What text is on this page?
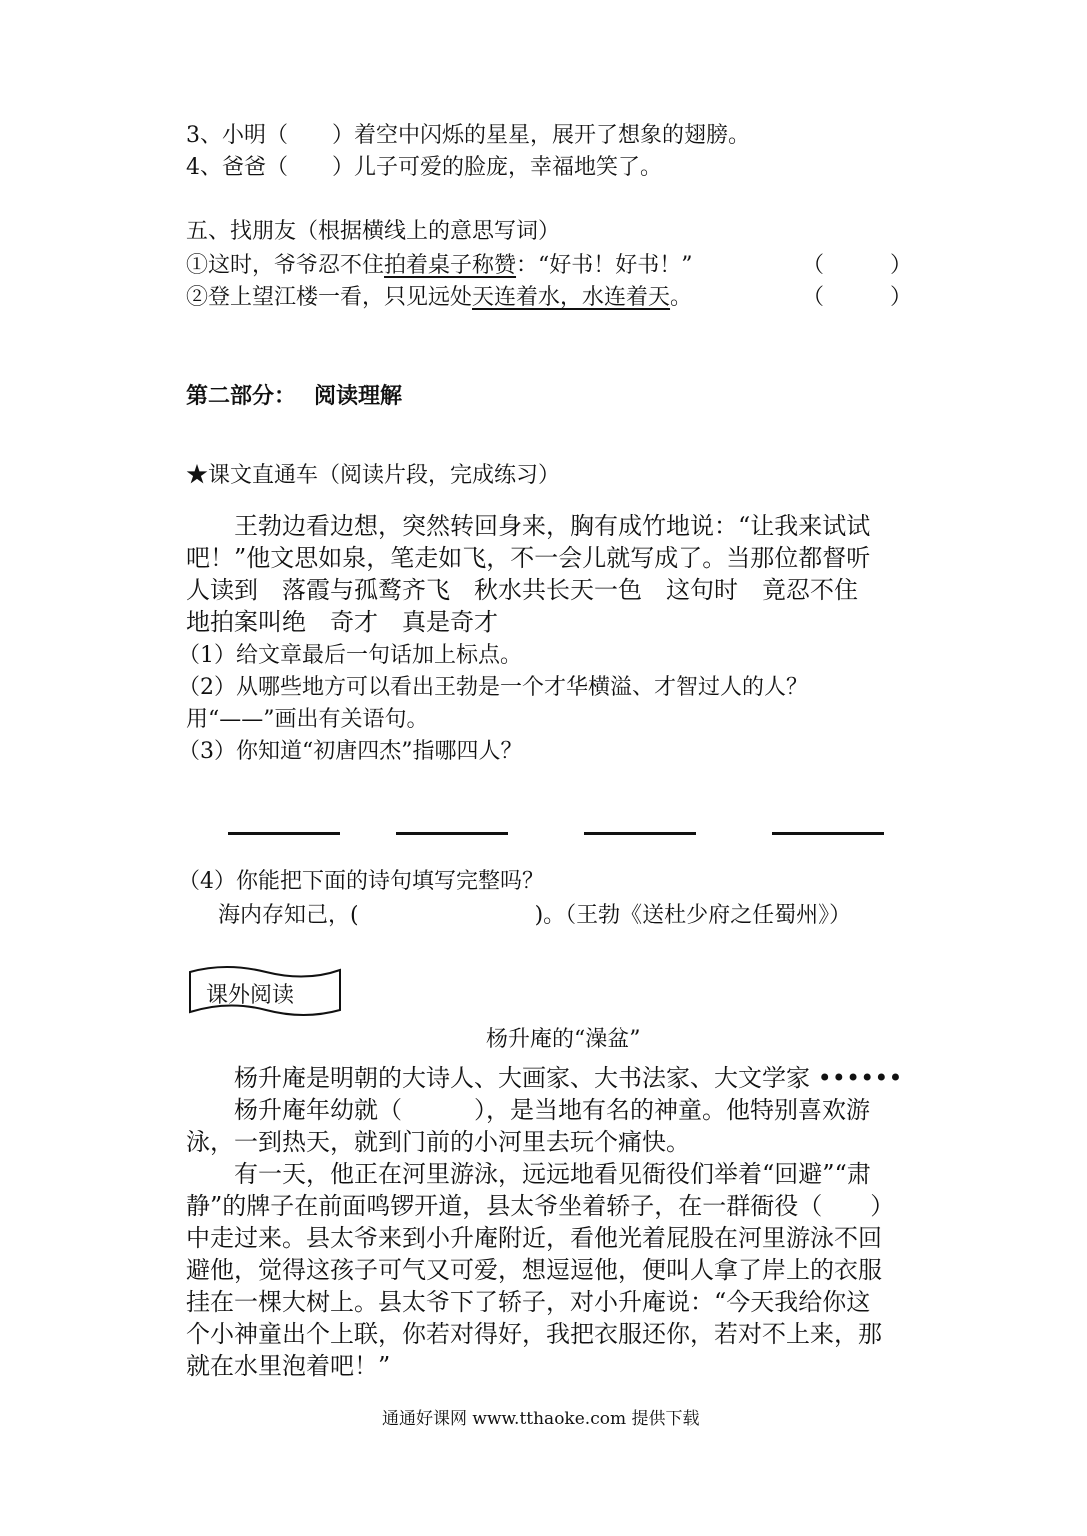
3、小明（　　）着空中闪烁的星星，展开了想象的翅膀。
4、爸爸（　　）儿子可爱的脸庞，幸福地笑了。
五、找朋友（根据横线上的意思写词）
①这时，爷爷忍不住拍着桌子称赞：“好书！好书！”	（　　　）
②登上望江楼一看，只见远处天连着水，水连着天。	（　　　）
第二部分： 阅读理解
★课文直通车（阅读片段，完成练习）
　　王勃边看边想，突然转回身来，胸有成竹地说：“让我来试试
吧！”他文思如泉，笔走如飞，不一会儿就写成了。当那位都督听
人读到　落霞与孤鹜齐飞　秋水共长天一色　这句时　竟忍不住
地拍案叫绝　奇才　真是奇才
（1）给文章最后一句话加上标点。
（2）从哪些地方可以看出王勃是一个才华横溢、才智过人的人？
用“——”画出有关语句。
（3）你知道“初唐四杰”指哪四人？
（4）你能把下面的诗句填写完整吗？
　海内存知己，(　　　　　　　　)。（王勃《送杜少府之任蜀州》）
课外阅读
杨升庵的“澡盆”
　　杨升庵是明朝的大诗人、大画家、大书法家、大文学家 ••••••
　　杨升庵年幼就（　　　），是当地有名的神童。他特别喜欢游
泳，一到热天，就到门前的小河里去玩个痛快。
　　有一天，他正在河里游泳，远远地看见衙役们举着“回避”“肃
静”的牌子在前面鸣锣开道，县太爷坐着轿子，在一群衙役（　　）
中走过来。县太爷来到小升庵附近，看他光着屁股在河里游泳不回
避他，觉得这孩子可气又可爱，想逗逗他，便叫人拿了岸上的衣服
挂在一棵大树上。县太爷下了轿子，对小升庵说：“今天我给你这
个小神童出个上联，你若对得好，我把衣服还你，若对不上来，那
就在水里泡着吧！”
通通好课网 www.tthaoke.com 提供下载
